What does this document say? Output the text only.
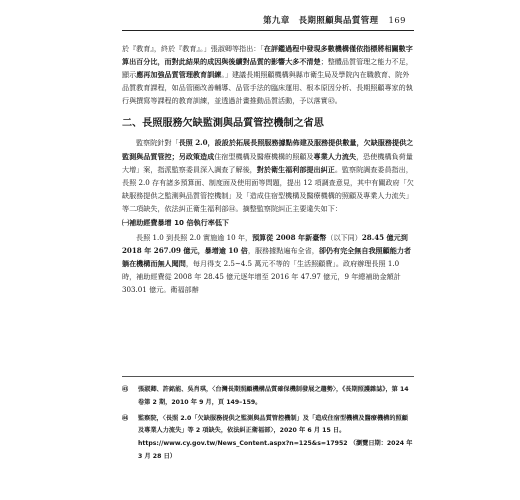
第九章　長期照顧與品質管理 169

於『教育』，終於『教育』。」張淑卿等指出：「在評鑑過程中發現多數機構僅依指標將相關數字算出百分比，而對此結果的成因與後續對品質的影響大多不清楚；整體品質管理之能力不足，顯示應再加強品質管理教育訓練。」建議長期照顧機構與縣市衛生局及學院內在職教育、院外品質教育課程，如品管圈改善輔導、品管手法的臨床運用、根本原因分析、長期照顧專家的執行與撰寫等課程的教育訓練，並透過計畫推動品質活動，予以落實㊸。

二、長照服務欠缺監測與品質管控機制之省思

監察院針對「長照 2.0，設設於拓展長照服務據點佈建及服務提供數量，欠缺服務提供之監測與品質管控；另政策造成住宿型機構及醫療機構的照顧及專業人力流失，恐使機構負荷量大增」案，指派監察委員深入調查了解後，對於衛生福利部提出糾正。監察院調查委員指出，長照 2.0 存有諸多預算面、制度面及使用面等問題，提出 12 項調查意見，其中有關政府「欠缺服務提供之監測與品質管控機制」及「造成住宿型機構及醫療機構的照顧及專業人力流失」等二項缺失，依法糾正衛生福利部㊹。摘整監察院糾正主要違失如下：

㈠補助經費暴增 10 倍執行率低下

長照 1.0 到長照 2.0 實施逾 10 年，預算從 2008 年新臺幣（以下同）28.45 億元到 2018 年 267.09 億元，暴增逾 10 倍，服務據點遍布全省，卻仍有完全無自我照顧能力者躺在機構而無人聞問，每月得支 2.5~4.5 萬元不等的「生活照顧費」。政府辦理長照 1.0 時，補助經費從 2008 年 28.45 億元逐年增至 2016 年 47.97 億元，9 年總補助金額計 303.01 億元。衛福部辦

㊸ 張淑卿、許銘能、吳肖琪，〈台灣長期照顧機構品質確保機制發展之趨勢〉，《長期照護雜誌》，第 14 卷第 2 期，2010 年 9 月，頁 149–159。

㊹ 監察院，〈長照 2.0「欠缺服務提供之監測與品質管控機制」及「造成住宿型機構及醫療機構的照顧及專業人力流失」等 2 項缺失，依法糾正衛福部〉，2020 年 6 月 15 日。https://www.cy.gov.tw/News_Content.aspx?n=125&s=17952 （瀏覽日期：2024 年 3 月 28 日）
